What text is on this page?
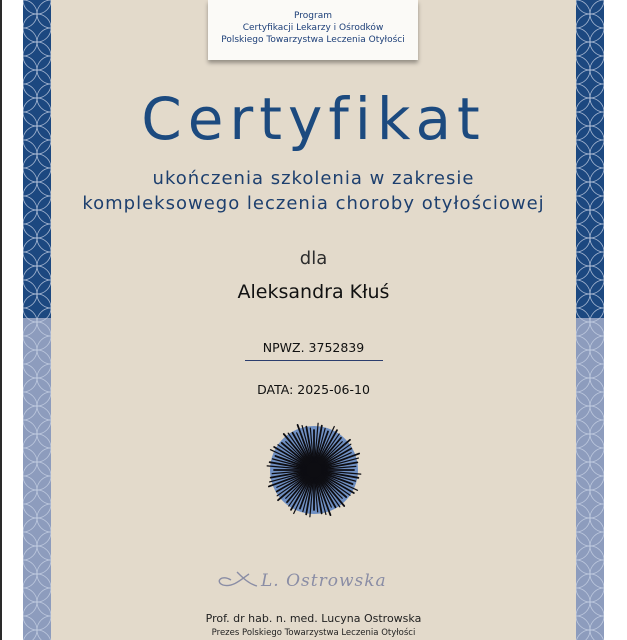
Program
Certyfikacji Lekarzy i Ośrodków
Polskiego Towarzystwa Leczenia Otyłości
Certyfikat
ukończenia szkolenia w zakresie
kompleksowego leczenia choroby otyłościowej
dla
Aleksandra Kłuś
NPWZ. 3752839
DATA: 2025-06-10
L. Ostrowska
Prof. dr hab. n. med. Lucyna Ostrowska
Prezes Polskiego Towarzystwa Leczenia Otyłości
